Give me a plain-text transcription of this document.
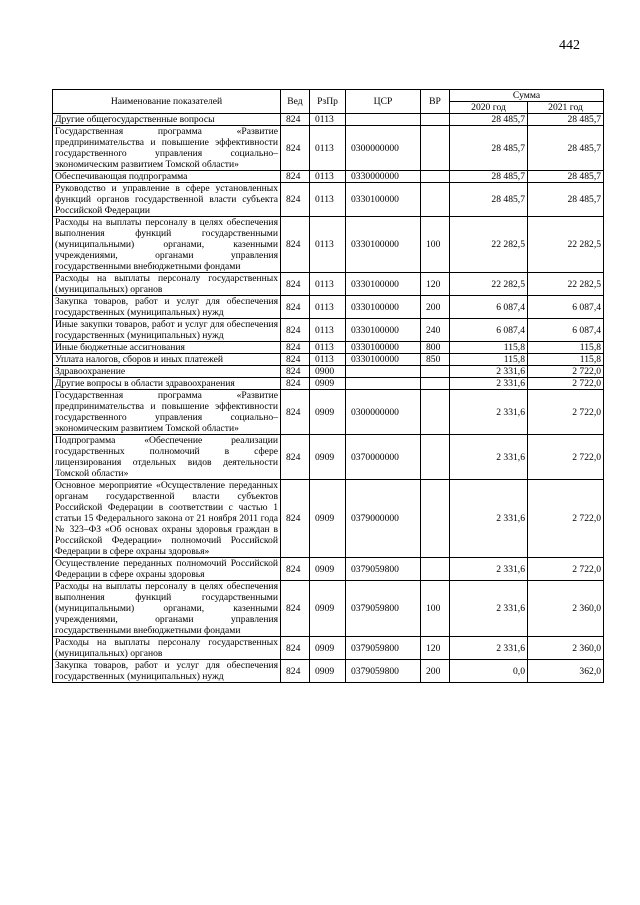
442
Наименование показателей	Вед	РзПр	ЦСР	ВР	Сумма	
					2020 год	2021 год
Другие общегосударственные вопросы	824	0113			28 485,7	28 485,7
Государственная программа «Развитие предпринимательства и повышение эффективности государственного управления социально–экономическим развитием Томской области»	824	0113	0300000000		28 485,7	28 485,7
Обеспечивающая подпрограмма	824	0113	0330000000		28 485,7	28 485,7
Руководство и управление в сфере установленных функций органов государственной власти субъекта Российской Федерации	824	0113	0330100000		28 485,7	28 485,7
Расходы на выплаты персоналу в целях обеспечения выполнения функций государственными (муниципальными) органами, казенными учреждениями, органами управления государственными внебюджетными фондами	824	0113	0330100000	100	22 282,5	22 282,5
Расходы на выплаты персоналу государственных (муниципальных) органов	824	0113	0330100000	120	22 282,5	22 282,5
Закупка товаров, работ и услуг для обеспечения государственных (муниципальных) нужд	824	0113	0330100000	200	6 087,4	6 087,4
Иные закупки товаров, работ и услуг для обеспечения государственных (муниципальных) нужд	824	0113	0330100000	240	6 087,4	6 087,4
Иные бюджетные ассигнования	824	0113	0330100000	800	115,8	115,8
Уплата налогов, сборов и иных платежей	824	0113	0330100000	850	115,8	115,8
Здравоохранение	824	0900			2 331,6	2 722,0
Другие вопросы в области здравоохранения	824	0909			2 331,6	2 722,0
Государственная программа «Развитие предпринимательства и повышение эффективности государственного управления социально–экономическим развитием Томской области»	824	0909	0300000000		2 331,6	2 722,0
Подпрограмма «Обеспечение реализации государственных полномочий в сфере лицензирования отдельных видов деятельности Томской области»	824	0909	0370000000		2 331,6	2 722,0
Основное мероприятие «Осуществление переданных органам государственной власти субъектов Российской Федерации в соответствии с частью 1 статьи 15 Федерального закона от 21 ноября 2011 года № 323–ФЗ «Об основах охраны здоровья граждан в Российской Федерации» полномочий Российской Федерации в сфере охраны здоровья»	824	0909	0379000000		2 331,6	2 722,0
Осуществление переданных полномочий Российской Федерации в сфере охраны здоровья	824	0909	0379059800		2 331,6	2 722,0
Расходы на выплаты персоналу в целях обеспечения выполнения функций государственными (муниципальными) органами, казенными учреждениями, органами управления государственными внебюджетными фондами	824	0909	0379059800	100	2 331,6	2 360,0
Расходы на выплаты персоналу государственных (муниципальных) органов	824	0909	0379059800	120	2 331,6	2 360,0
Закупка товаров, работ и услуг для обеспечения государственных (муниципальных) нужд	824	0909	0379059800	200	0,0	362,0
